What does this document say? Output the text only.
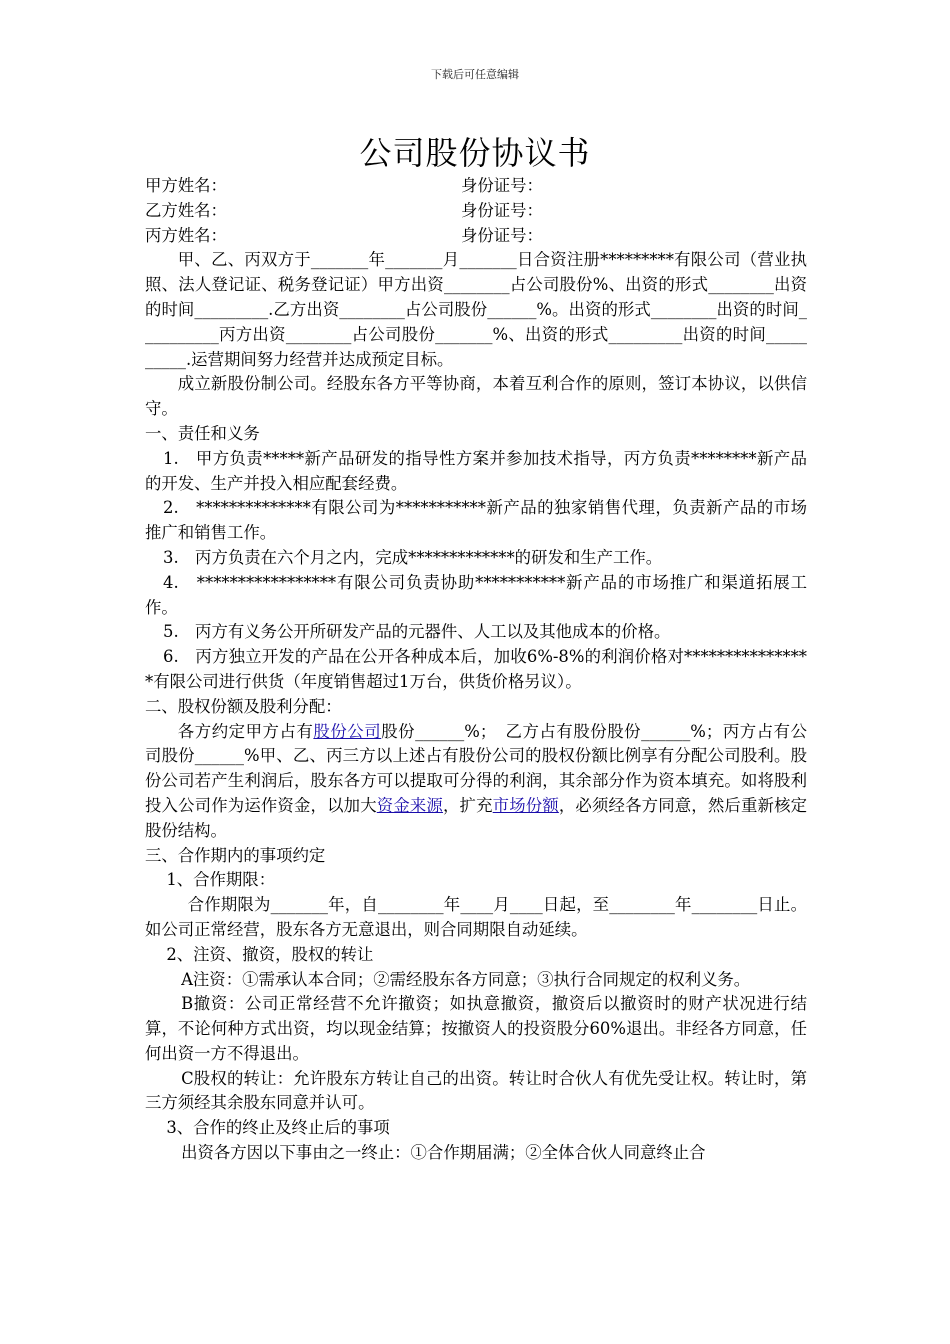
下载后可任意编辑
公司股份协议书
甲方姓名：	身份证号：
乙方姓名：	身份证号：
丙方姓名：	身份证号：

甲、乙、丙双方于_______年_______月_______日合资注册*********有限公司（营业执照、法人登记证、税务登记证）甲方出资________占公司股份%、出资的形式________出资的时间_________.乙方出资________占公司股份______%。出资的形式________出资的时间__________丙方出资________占公司股份_______%、出资的形式_________出资的时间__________.运营期间努力经营并达成预定目标。

成立新股份制公司。经股东各方平等协商，本着互利合作的原则，签订本协议，以供信守。

一、责任和义务

1.　甲方负责*****新产品研发的指导性方案并参加技术指导，丙方负责********新产品的开发、生产并投入相应配套经费。

2.　**************有限公司为***********新产品的独家销售代理，负责新产品的市场推广和销售工作。

3.　丙方负责在六个月之内，完成*************的研发和生产工作。

4.　*****************有限公司负责协助***********新产品的市场推广和渠道拓展工作。

5.　丙方有义务公开所研发产品的元器件、人工以及其他成本的价格。

6.　丙方独立开发的产品在公开各种成本后，加收6%-8%的利润价格对****************有限公司进行供货（年度销售超过1万台，供货价格另议）。

二、股权份额及股利分配：

各方约定甲方占有股份公司股份______%；　乙方占有股份股份______%；丙方占有公司股份______%甲、乙、丙三方以上述占有股份公司的股权份额比例享有分配公司股利。股份公司若产生利润后，股东各方可以提取可分得的利润，其余部分作为资本填充。如将股利投入公司作为运作资金，以加大资金来源，扩充市场份额，必须经各方同意，然后重新核定股份结构。

三、合作期内的事项约定

1、合作期限：

合作期限为_______年，自________年____月____日起，至________年________日止。如公司正常经营，股东各方无意退出，则合同期限自动延续。

2、注资、撤资，股权的转让

A注资：①需承认本合同；②需经股东各方同意；③执行合同规定的权利义务。

B撤资：公司正常经营不允许撤资；如执意撤资，撤资后以撤资时的财产状况进行结算，不论何种方式出资，均以现金结算；按撤资人的投资股分60%退出。非经各方同意，任何出资一方不得退出。

C股权的转让：允许股东方转让自己的出资。转让时合伙人有优先受让权。转让时，第三方须经其余股东同意并认可。

3、合作的终止及终止后的事项

出资各方因以下事由之一终止：①合作期届满；②全体合伙人同意终止合
